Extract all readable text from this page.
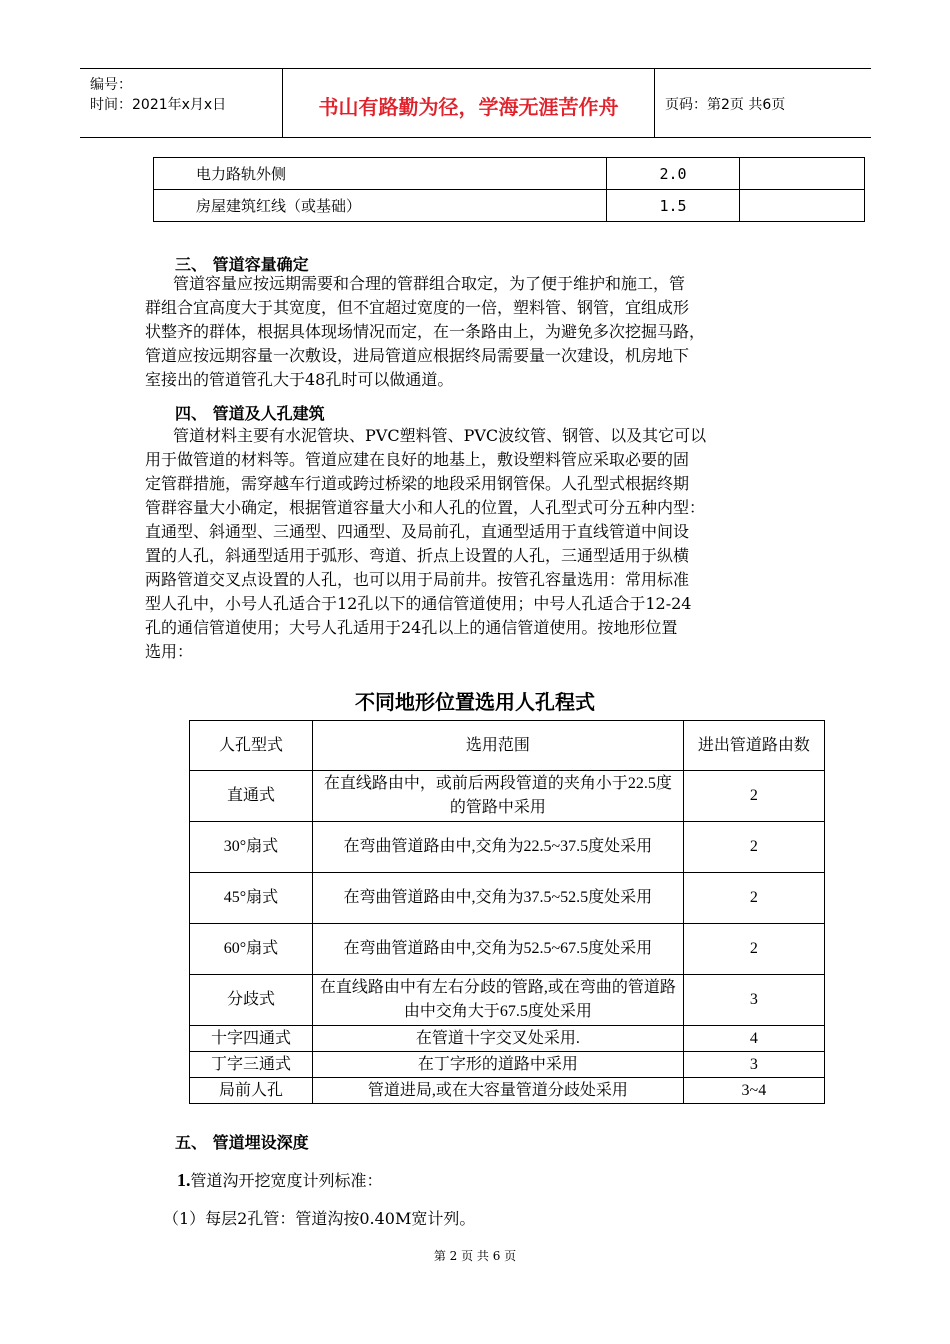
编号：
时间：2021年x月x日	书山有路勤为径，学海无涯苦作舟	页码：第2页 共6页
电力路轨外侧	2.0	
房屋建筑红线（或基础）	1.5	
三、 管道容量确定
管道容量应按远期需要和合理的管群组合取定，为了便于维护和施工，管
群组合宜高度大于其宽度，但不宜超过宽度的一倍，塑料管、钢管，宜组成形
状整齐的群体，根据具体现场情况而定，在一条路由上，为避免多次挖掘马路，
管道应按远期容量一次敷设，进局管道应根据终局需要量一次建设，机房地下
室接出的管道管孔大于48孔时可以做通道。
四、 管道及人孔建筑
管道材料主要有水泥管块、PVC塑料管、PVC波纹管、钢管、以及其它可以
用于做管道的材料等。管道应建在良好的地基上，敷设塑料管应采取必要的固
定管群措施，需穿越车行道或跨过桥梁的地段采用钢管保。人孔型式根据终期
管群容量大小确定，根据管道容量大小和人孔的位置，人孔型式可分五种内型：
直通型、斜通型、三通型、四通型、及局前孔，直通型适用于直线管道中间设
置的人孔，斜通型适用于弧形、弯道、折点上设置的人孔，三通型适用于纵横
两路管道交叉点设置的人孔，也可以用于局前井。按管孔容量选用：常用标准
型人孔中，小号人孔适合于12孔以下的通信管道使用；中号人孔适合于12-24
孔的通信管道使用；大号人孔适用于24孔以上的通信管道使用。按地形位置
选用：
不同地形位置选用人孔程式
人孔型式	选用范围	进出管道路由数
直通式	在直线路由中，或前后两段管道的夹角小于22.5度的管路中采用	2
30°扇式	在弯曲管道路由中,交角为22.5~37.5度处采用	2
45°扇式	在弯曲管道路由中,交角为37.5~52.5度处采用	2
60°扇式	在弯曲管道路由中,交角为52.5~67.5度处采用	2
分歧式	在直线路由中有左右分歧的管路,或在弯曲的管道路由中交角大于67.5度处采用	3
十字四通式	在管道十字交叉处采用.	4
丁字三通式	在丁字形的道路中采用	3
局前人孔	管道进局,或在大容量管道分歧处采用	3~4
五、 管道埋设深度
1.管道沟开挖宽度计列标准：
（1）每层2孔管：管道沟按0.40M宽计列。
第 2 页 共 6 页
